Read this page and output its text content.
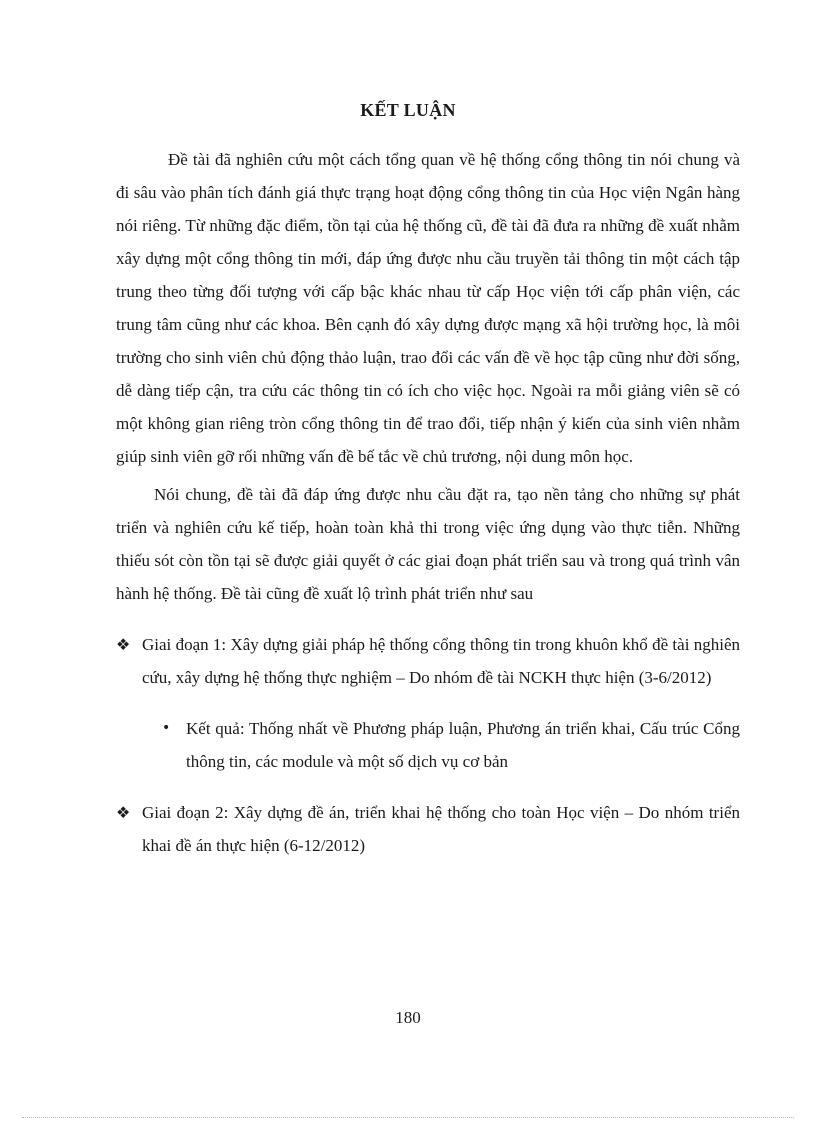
KẾT LUẬN

Đề tài đã nghiên cứu một cách tổng quan về hệ thống cổng thông tin nói chung và đi sâu vào phân tích đánh giá thực trạng hoạt động cổng thông tin của Học viện Ngân hàng nói riêng. Từ những đặc điểm, tồn tại của hệ thống cũ, đề tài đã đưa ra những đề xuất nhằm xây dựng một cổng thông tin mới, đáp ứng được nhu cầu truyền tải thông tin một cách tập trung theo từng đối tượng với cấp bậc khác nhau từ cấp Học viện tới cấp phân viện, các trung tâm cũng như các khoa. Bên cạnh đó xây dựng được mạng xã hội trường học, là môi trường cho sinh viên chủ động thảo luận, trao đổi các vấn đề về học tập cũng như đời sống, dễ dàng tiếp cận, tra cứu các thông tin có ích cho việc học. Ngoài ra mỗi giảng viên sẽ có một không gian riêng tròn cổng thông tin để trao đổi, tiếp nhận ý kiến của sinh viên nhằm giúp sinh viên gỡ rối những vấn đề bế tắc về chủ trương, nội dung môn học.

Nói chung, đề tài đã đáp ứng được nhu cầu đặt ra, tạo nền tảng cho những sự phát triển và nghiên cứu kế tiếp, hoàn toàn khả thi trong việc ứng dụng vào thực tiễn. Những thiếu sót còn tồn tại sẽ được giải quyết ở các giai đoạn phát triển sau và trong quá trình vân hành hệ thống. Đề tài cũng đề xuất lộ trình phát triển như sau

❖ Giai đoạn 1: Xây dựng giải pháp hệ thống cổng thông tin trong khuôn khổ đề tài nghiên cứu, xây dựng hệ thống thực nghiệm – Do nhóm đề tài NCKH thực hiện (3-6/2012)
• Kết quả: Thống nhất về Phương pháp luận, Phương án triển khai, Cấu trúc Cổng thông tin, các module và một số dịch vụ cơ bản
❖ Giai đoạn 2: Xây dựng đề án, triển khai hệ thống cho toàn Học viện – Do nhóm triển khai đề án thực hiện (6-12/2012)
180
